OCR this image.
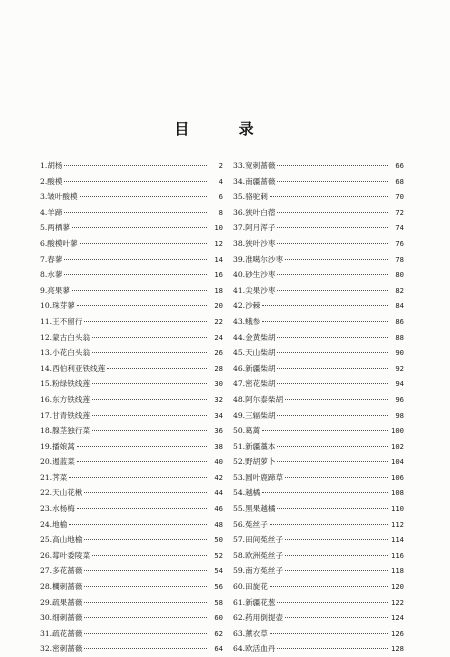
目 录
1.胡杨	2
2.酸模	4
3.皱叶酸模	6
4.羊蹄	8
5.两栖蓼	10
6.酸模叶蓼	12
7.春蓼	14
8.水蓼	16
9.亮果蓼	18
10.珠芽蓼	20
11.王不留行	22
12.蒙古白头翁	24
13.小花白头翁	26
14.西伯利亚铁线莲	28
15.粉绿铁线莲	30
16.东方铁线莲	32
17.甘青铁线莲	34
18.腺茎独行菜	36
19.播娘蒿	38
20.遏蓝菜	40
21.荠菜	42
22.天山花楸	44
23.水杨梅	46
24.地榆	48
25.高山地榆	50
26.莓叶委陵菜	52
27.多花蔷薇	54
28.櫊刺蔷薇	56
29.疏果蔷薇	58
30.细刺蔷薇	60
31.疏花蔷薇	62
32.密刺蔷薇	64
33.宽刺蔷薇	66
34.南疆蔷薇	68
35.骆驼刺	70
36.狭叶白蓿	72
37.阿月浑子	74
38.狭叶沙枣	76
39.准噶尔沙枣	78
40.砂生沙枣	80
41.尖果沙枣	82
42.沙棘	84
43.蛾参	86
44.金黄柴胡	88
45.天山柴胡	90
46.新疆柴胡	92
47.密花柴胡	94
48.阿尔泰柴胡	96
49.三辐柴胡	98
50.葛蓠	100
51.新疆藁本	102
52.野胡萝卜	104
53.圆叶鹿蹄草	106
54.越橘	108
55.黑果越橘	110
56.菟丝子	112
57.田间菟丝子	114
58.欧洲菟丝子	116
59.南方菟丝子	118
60.田旋花	120
61.新疆花葱	122
62.药用倒提壶	124
63.薰衣草	126
64.欧活血丹	128
